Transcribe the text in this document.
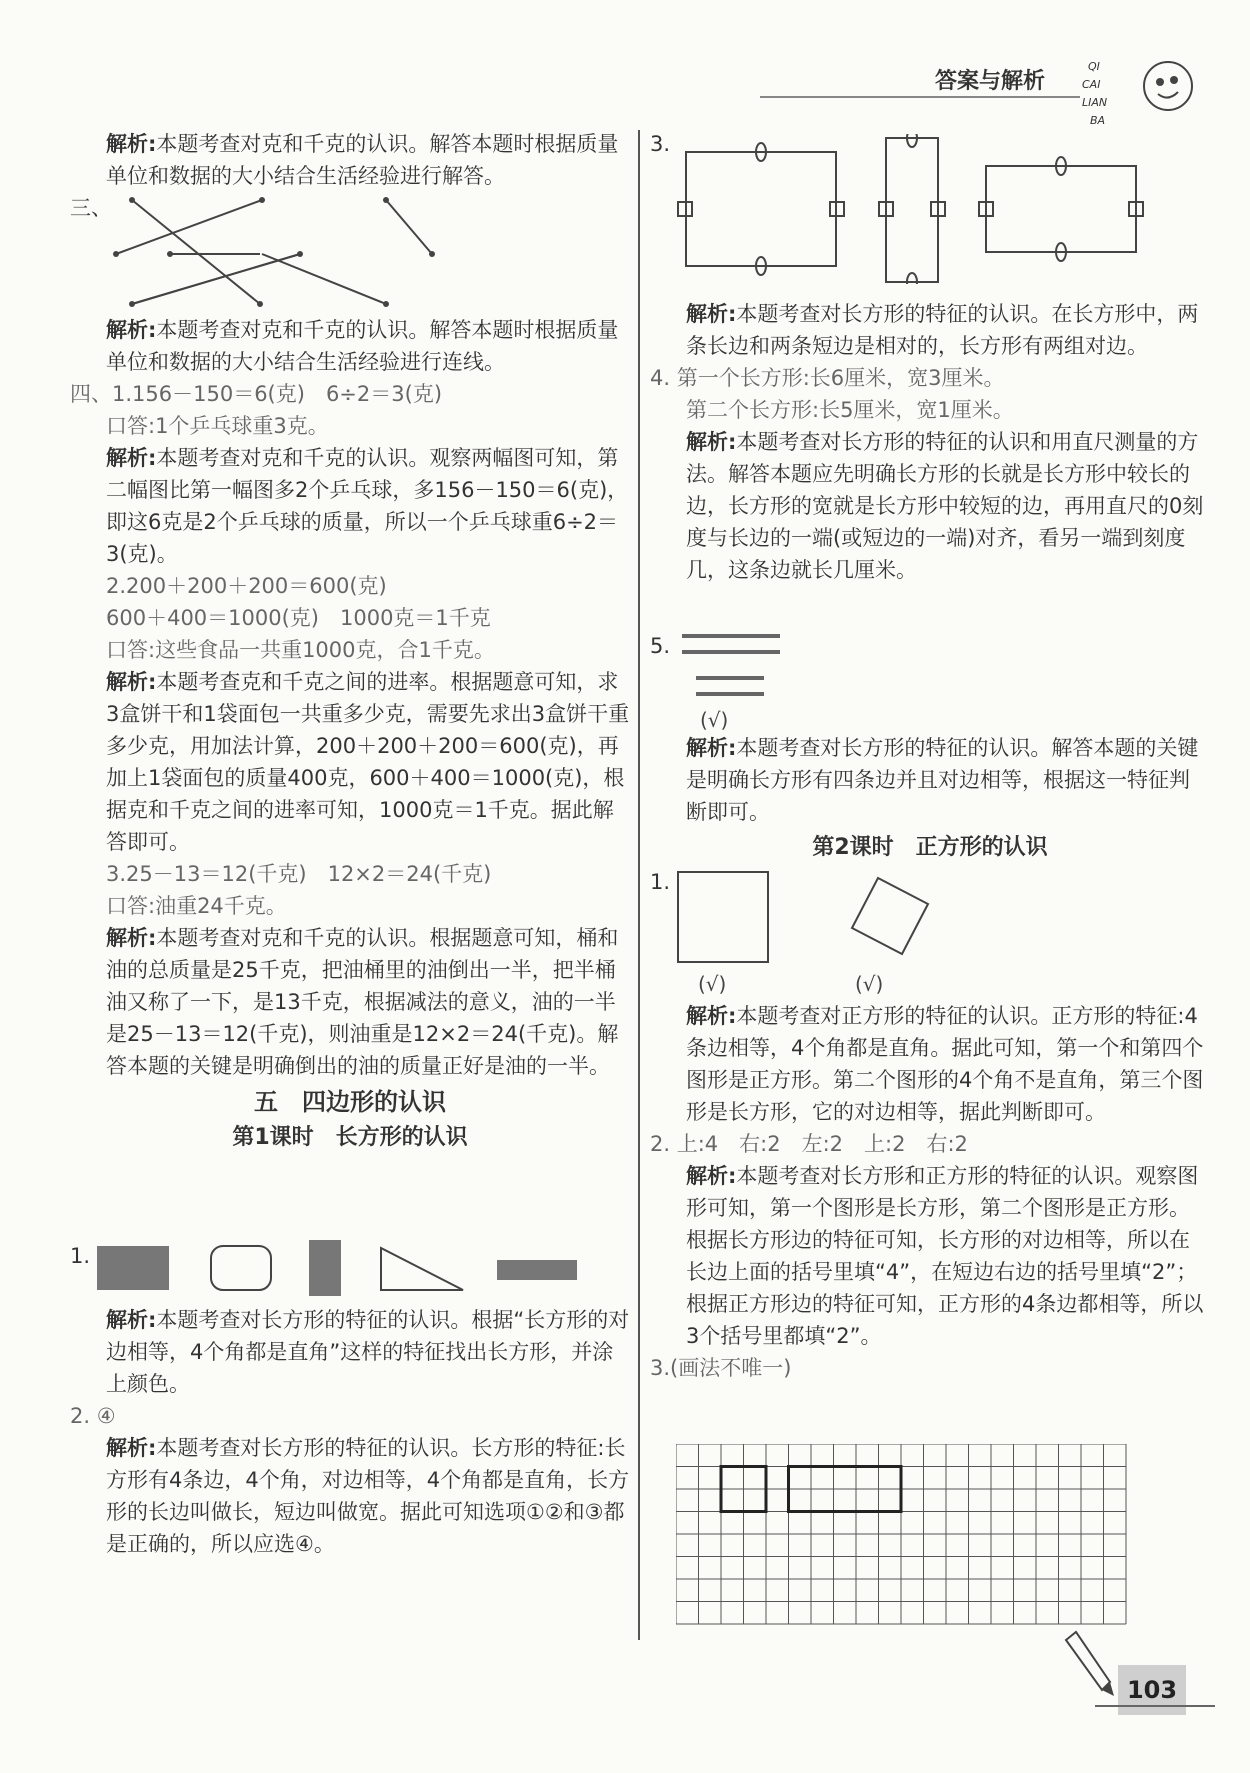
答案与解析
QI
CAI
LIAN
BA

解析:本题考查对克和千克的认识。解答本题时根据质量单位和数据的大小结合生活经验进行解答。

三、

解析:本题考查对克和千克的认识。解答本题时根据质量单位和数据的大小结合生活经验进行连线。

四、1.156－150＝6(克)　6÷2＝3(克)

口答:1个乒乓球重3克。

解析:本题考查对克和千克的认识。观察两幅图可知，第二幅图比第一幅图多2个乒乓球，多156－150＝6(克)，即这6克是2个乒乓球的质量，所以一个乒乓球重6÷2＝3(克)。

2.200＋200＋200＝600(克)

600＋400＝1000(克)　1000克＝1千克

口答:这些食品一共重1000克，合1千克。

解析:本题考查克和千克之间的进率。根据题意可知，求3盒饼干和1袋面包一共重多少克，需要先求出3盒饼干重多少克，用加法计算，200＋200＋200＝600(克)，再加上1袋面包的质量400克，600＋400＝1000(克)，根据克和千克之间的进率可知，1000克＝1千克。据此解答即可。

3.25－13＝12(千克)　12×2＝24(千克)

口答:油重24千克。

解析:本题考查对克和千克的认识。根据题意可知，桶和油的总质量是25千克，把油桶里的油倒出一半，把半桶油又称了一下，是13千克，根据减法的意义，油的一半是25－13＝12(千克)，则油重是12×2＝24(千克)。解答本题的关键是明确倒出的油的质量正好是油的一半。

五　四边形的认识
第1课时　长方形的认识
1.

解析:本题考查对长方形的特征的认识。根据“长方形的对边相等，4个角都是直角”这样的特征找出长方形，并涂上颜色。

2. ④

解析:本题考查对长方形的特征的认识。长方形的特征:长方形有4条边，4个角，对边相等，4个角都是直角，长方形的长边叫做长，短边叫做宽。据此可知选项①②和③都是正确的，所以应选④。

3.

解析:本题考查对长方形的特征的认识。在长方形中，两条长边和两条短边是相对的，长方形有两组对边。

4. 第一个长方形:长6厘米，宽3厘米。

第二个长方形:长5厘米，宽1厘米。

解析:本题考查对长方形的特征的认识和用直尺测量的方法。解答本题应先明确长方形的长就是长方形中较长的边，长方形的宽就是长方形中较短的边，再用直尺的0刻度与长边的一端(或短边的一端)对齐，看另一端到刻度几，这条边就长几厘米。

5.
(√)

解析:本题考查对长方形的特征的认识。解答本题的关键是明确长方形有四条边并且对边相等，根据这一特征判断即可。

第2课时　正方形的认识
1.
(√)	(√)

解析:本题考查对正方形的特征的认识。正方形的特征:4条边相等，4个角都是直角。据此可知，第一个和第四个图形是正方形。第二个图形的4个角不是直角，第三个图形是长方形，它的对边相等，据此判断即可。

2. 上:4　右:2　左:2　上:2　右:2

解析:本题考查对长方形和正方形的特征的认识。观察图形可知，第一个图形是长方形，第二个图形是正方形。根据长方形边的特征可知，长方形的对边相等，所以在长边上面的括号里填“4”，在短边右边的括号里填“2”；根据正方形边的特征可知，正方形的4条边都相等，所以3个括号里都填“2”。

3.(画法不唯一)

103
